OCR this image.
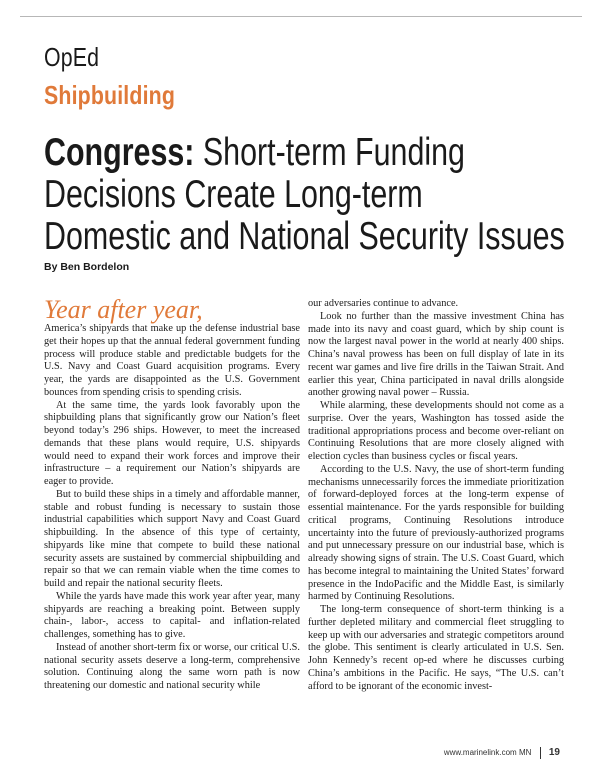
OpEd
Shipbuilding
Congress: Short-term Funding
Decisions Create Long-term
Domestic and National Security Issues
By Ben Bordelon
Year after year,

America’s shipyards that make up the defense industrial base get their hopes up that the annual federal government funding process will produce stable and predictable budgets for the U.S. Navy and Coast Guard acquisition programs. Every year, the yards are disappointed as the U.S. Government bounces from spending crisis to spending crisis.

At the same time, the yards look favorably upon the shipbuilding plans that significantly grow our Nation’s fleet beyond today’s 296 ships. However, to meet the increased demands that these plans would require, U.S. shipyards would need to expand their work forces and improve their infrastructure – a requirement our Nation’s shipyards are eager to provide.

But to build these ships in a timely and affordable manner, stable and robust funding is necessary to sustain those industrial capabilities which support Navy and Coast Guard shipbuilding. In the absence of this type of certainty, shipyards like mine that compete to build these national security assets are sustained by commercial shipbuilding and repair so that we can remain viable when the time comes to build and repair the national security fleets.

While the yards have made this work year after year, many shipyards are reaching a breaking point. Between supply chain-, labor-, access to capital- and inflation-related challenges, something has to give.

Instead of another short-term fix or worse, our critical U.S. national security assets deserve a long-term, comprehensive solution. Continuing along the same worn path is now threatening our domestic and national security while

our adversaries continue to advance.

Look no further than the massive investment China has made into its navy and coast guard, which by ship count is now the largest naval power in the world at nearly 400 ships. China’s naval prowess has been on full display of late in its recent war games and live fire drills in the Taiwan Strait. And earlier this year, China participated in naval drills alongside another growing naval power – Russia.

While alarming, these developments should not come as a surprise. Over the years, Washington has tossed aside the traditional appropriations process and become over-reliant on Continuing Resolutions that are more closely aligned with election cycles than business cycles or fiscal years.

According to the U.S. Navy, the use of short-term funding mechanisms unnecessarily forces the immediate prioritization of forward-deployed forces at the long-term expense of essential maintenance. For the yards responsible for building critical programs, Continuing Resolutions introduce uncertainty into the future of previously-authorized programs and put unnecessary pressure on our industrial base, which is already showing signs of strain. The U.S. Coast Guard, which has become integral to maintaining the United States’ forward presence in the IndoPacific and the Middle East, is similarly harmed by Continuing Resolutions.

The long-term consequence of short-term thinking is a further depleted military and commercial fleet struggling to keep up with our adversaries and strategic competitors around the globe. This sentiment is clearly articulated in U.S. Sen. John Kennedy’s recent op-ed where he discusses curbing China’s ambitions in the Pacific. He says, “The U.S. can’t afford to be ignorant of the economic invest-

www.marinelink.com MN 19
